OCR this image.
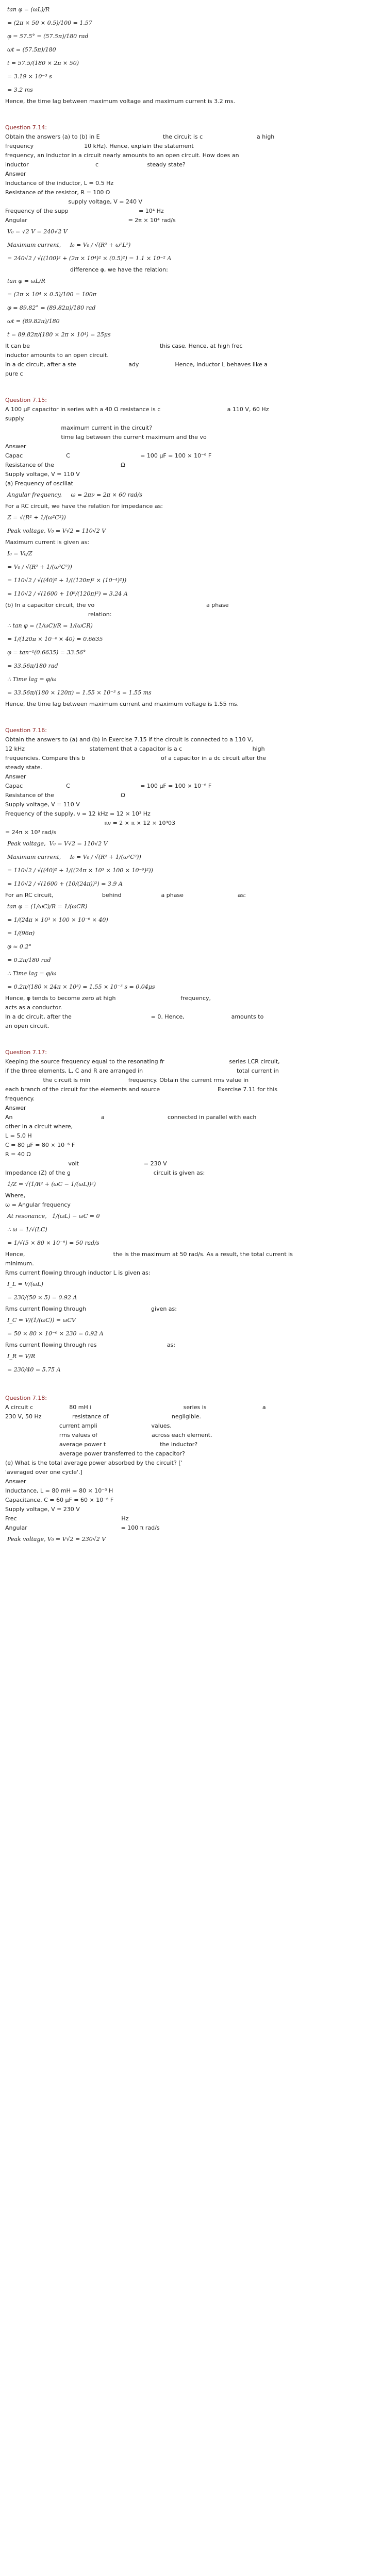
tan φ = (ωL)/R

= (2π × 50 × 0.5)/100 = 1.57

φ = 57.5° = (57.5π)/180 rad

ωt = (57.5π)/180

t = 57.5/(180 × 2π × 50)

= 3.19 × 10⁻³ s

= 3.2 ms

Hence, the time lag between maximum voltage and maximum current is 3.2 ms.

Question 7.14:

Obtain the answers (a) to (b) in E                                   the circuit is c                              a high

frequency                            10 kHz). Hence, explain the statement

frequency, an inductor in a circuit nearly amounts to an open circuit. How does an

inductor                                     c                           steady state?

Answer

Inductance of the inductor, L = 0.5 Hz

Resistance of the resistor, R = 100 Ω

supply voltage, V = 240 V

Frequency of the supp                                       = 10⁴ Hz

Angular                                                        = 2π × 10⁴ rad/s

V₀ = √2 V = 240√2 V

Maximum current,     I₀ = V₀ / √(R² + ω²L²)

= 240√2 / √((100)² + (2π × 10⁴)² × (0.5)²) = 1.1 × 10⁻² A

difference φ, we have the relation:

tan φ = ωL/R

= (2π × 10⁴ × 0.5)/100 = 100π

φ = 89.82° = (89.82π)/180 rad

ωt = (89.82π)/180

t = 89.82π/(180 × 2π × 10⁴) = 25μs

It can be                                                                        this case. Hence, at high frec

inductor amounts to an open circuit.

In a dc circuit, after a ste                             ady                    Hence, inductor L behaves like a

pure c

Question 7.15:

A 100 μF capacitor in series with a 40 Ω resistance is c                                     a 110 V, 60 Hz

supply.

maximum current in the circuit?

time lag between the current maximum and the vo

Answer

Capac                        C                                       = 100 μF = 100 × 10⁻⁶ F

Resistance of the                                     Ω

Supply voltage, V = 110 V

(a) Frequency of oscillat

Angular frequency,     ω = 2πν = 2π × 60 rad/s

For a RC circuit, we have the relation for impedance as:

Z = √(R² + 1/(ω²C²))

Peak voltage, V₀ = V√2 = 110√2 V

Maximum current is given as:

I₀ = V₀/Z

= V₀ / √(R² + 1/(ω²C²))

= 110√2 / √((40)² + 1/((120π)² × (10⁻⁴)²))

= 110√2 / √(1600 + 10⁸/(120π)²) = 3.24 A

(b) In a capacitor circuit, the vo                                                              a phase

relation:

∴ tan φ = (1/ωC)/R = 1/(ωCR)

= 1/(120π × 10⁻⁴ × 40) = 0.6635

φ = tan⁻¹(0.6635) = 33.56°

= 33.56π/180 rad

∴ Time lag = φ/ω

= 33.56π/(180 × 120π) = 1.55 × 10⁻³ s = 1.55 ms

Hence, the time lag between maximum current and maximum voltage is 1.55 ms.

Question 7.16:

Obtain the answers to (a) and (b) in Exercise 7.15 if the circuit is connected to a 110 V,

12 kHz                                    statement that a capacitor is a c                                       high

frequencies. Compare this b                                          of a capacitor in a dc circuit after the

steady state.

Answer

Capac                        C                                       = 100 μF = 100 × 10⁻⁶ F

Resistance of the                                     Ω

Supply voltage, V = 110 V

Frequency of the supply, ν = 12 kHz = 12 × 10³ Hz

πν = 2 × π × 12 × 10³03

= 24π × 10³ rad/s

Peak voltage,  V₀ = V√2 = 110√2 V

Maximum current,     I₀ = V₀ / √(R² + 1/(ω²C²))

= 110√2 / √((40)² + 1/((24π × 10³ × 100 × 10⁻⁶)²))

= 110√2 / √(1600 + (10/(24π))²) = 3.9 A

For an RC circuit,                           behind                      a phase                              as:

tan φ = (1/ωC)/R = 1/(ωCR)

= 1/(24π × 10³ × 100 × 10⁻⁶ × 40)

= 1/(96π)

φ ≈ 0.2°

= 0.2π/180 rad

∴ Time lag = φ/ω

= 0.2π/(180 × 24π × 10³) = 1.55 × 10⁻³ s = 0.04μs

Hence, φ tends to become zero at high                                    frequency,

acts as a conductor.

In a dc circuit, after the                                            = 0. Hence,                          amounts to

an open circuit.

Question 7.17:

Keeping the source frequency equal to the resonating fr                                    series LCR circuit,

if the three elements, L, C and R are arranged in                                                    total current in

the circuit is min                     frequency. Obtain the current rms value in

each branch of the circuit for the elements and source                                Exercise 7.11 for this

frequency.

Answer

An                                                 a                                   connected in parallel with each

other in a circuit where,

L = 5.0 H

C = 80 μF = 80 × 10⁻⁶ F

R = 40 Ω

volt                                    = 230 V

Impedance (Z) of the g                                              circuit is given as:

1/Z = √(1/R² + (ωC − 1/(ωL))²)

Where,

ω = Angular frequency

At resonance,   1/(ωL) − ωC = 0

∴ ω = 1/√(LC)

= 1/√(5 × 80 × 10⁻⁶) = 50 rad/s

Hence,                                                 the is the maximum at 50 rad/s. As a result, the total current is

minimum.

Rms current flowing through inductor L is given as:

I_L = V/(ωL)

= 230/(50 × 5) = 0.92 A

Rms current flowing through                                    given as:

I_C = V/(1/(ωC)) = ωCV

= 50 × 80 × 10⁻⁶ × 230 = 0.92 A

Rms current flowing through res                                       as:

I_R = V/R

= 230/40 = 5.75 A

Question 7.18:

A circuit c                    80 mH i                                                   series is                               a

230 V, 50 Hz                 resistance of                                   negligible.

current ampli                              values.

rms values of                              across each element.

average power t                              the inductor?

average power transferred to the capacitor?

(e) What is the total average power absorbed by the circuit? ['

'averaged over one cycle'.]

Answer

Inductance, L = 80 mH = 80 × 10⁻³ H

Capacitance, C = 60 μF = 60 × 10⁻⁶ F

Supply voltage, V = 230 V

Frec                                                          Hz

Angular                                                    = 100 π rad/s

Peak voltage, V₀ = V√2 = 230√2 V
